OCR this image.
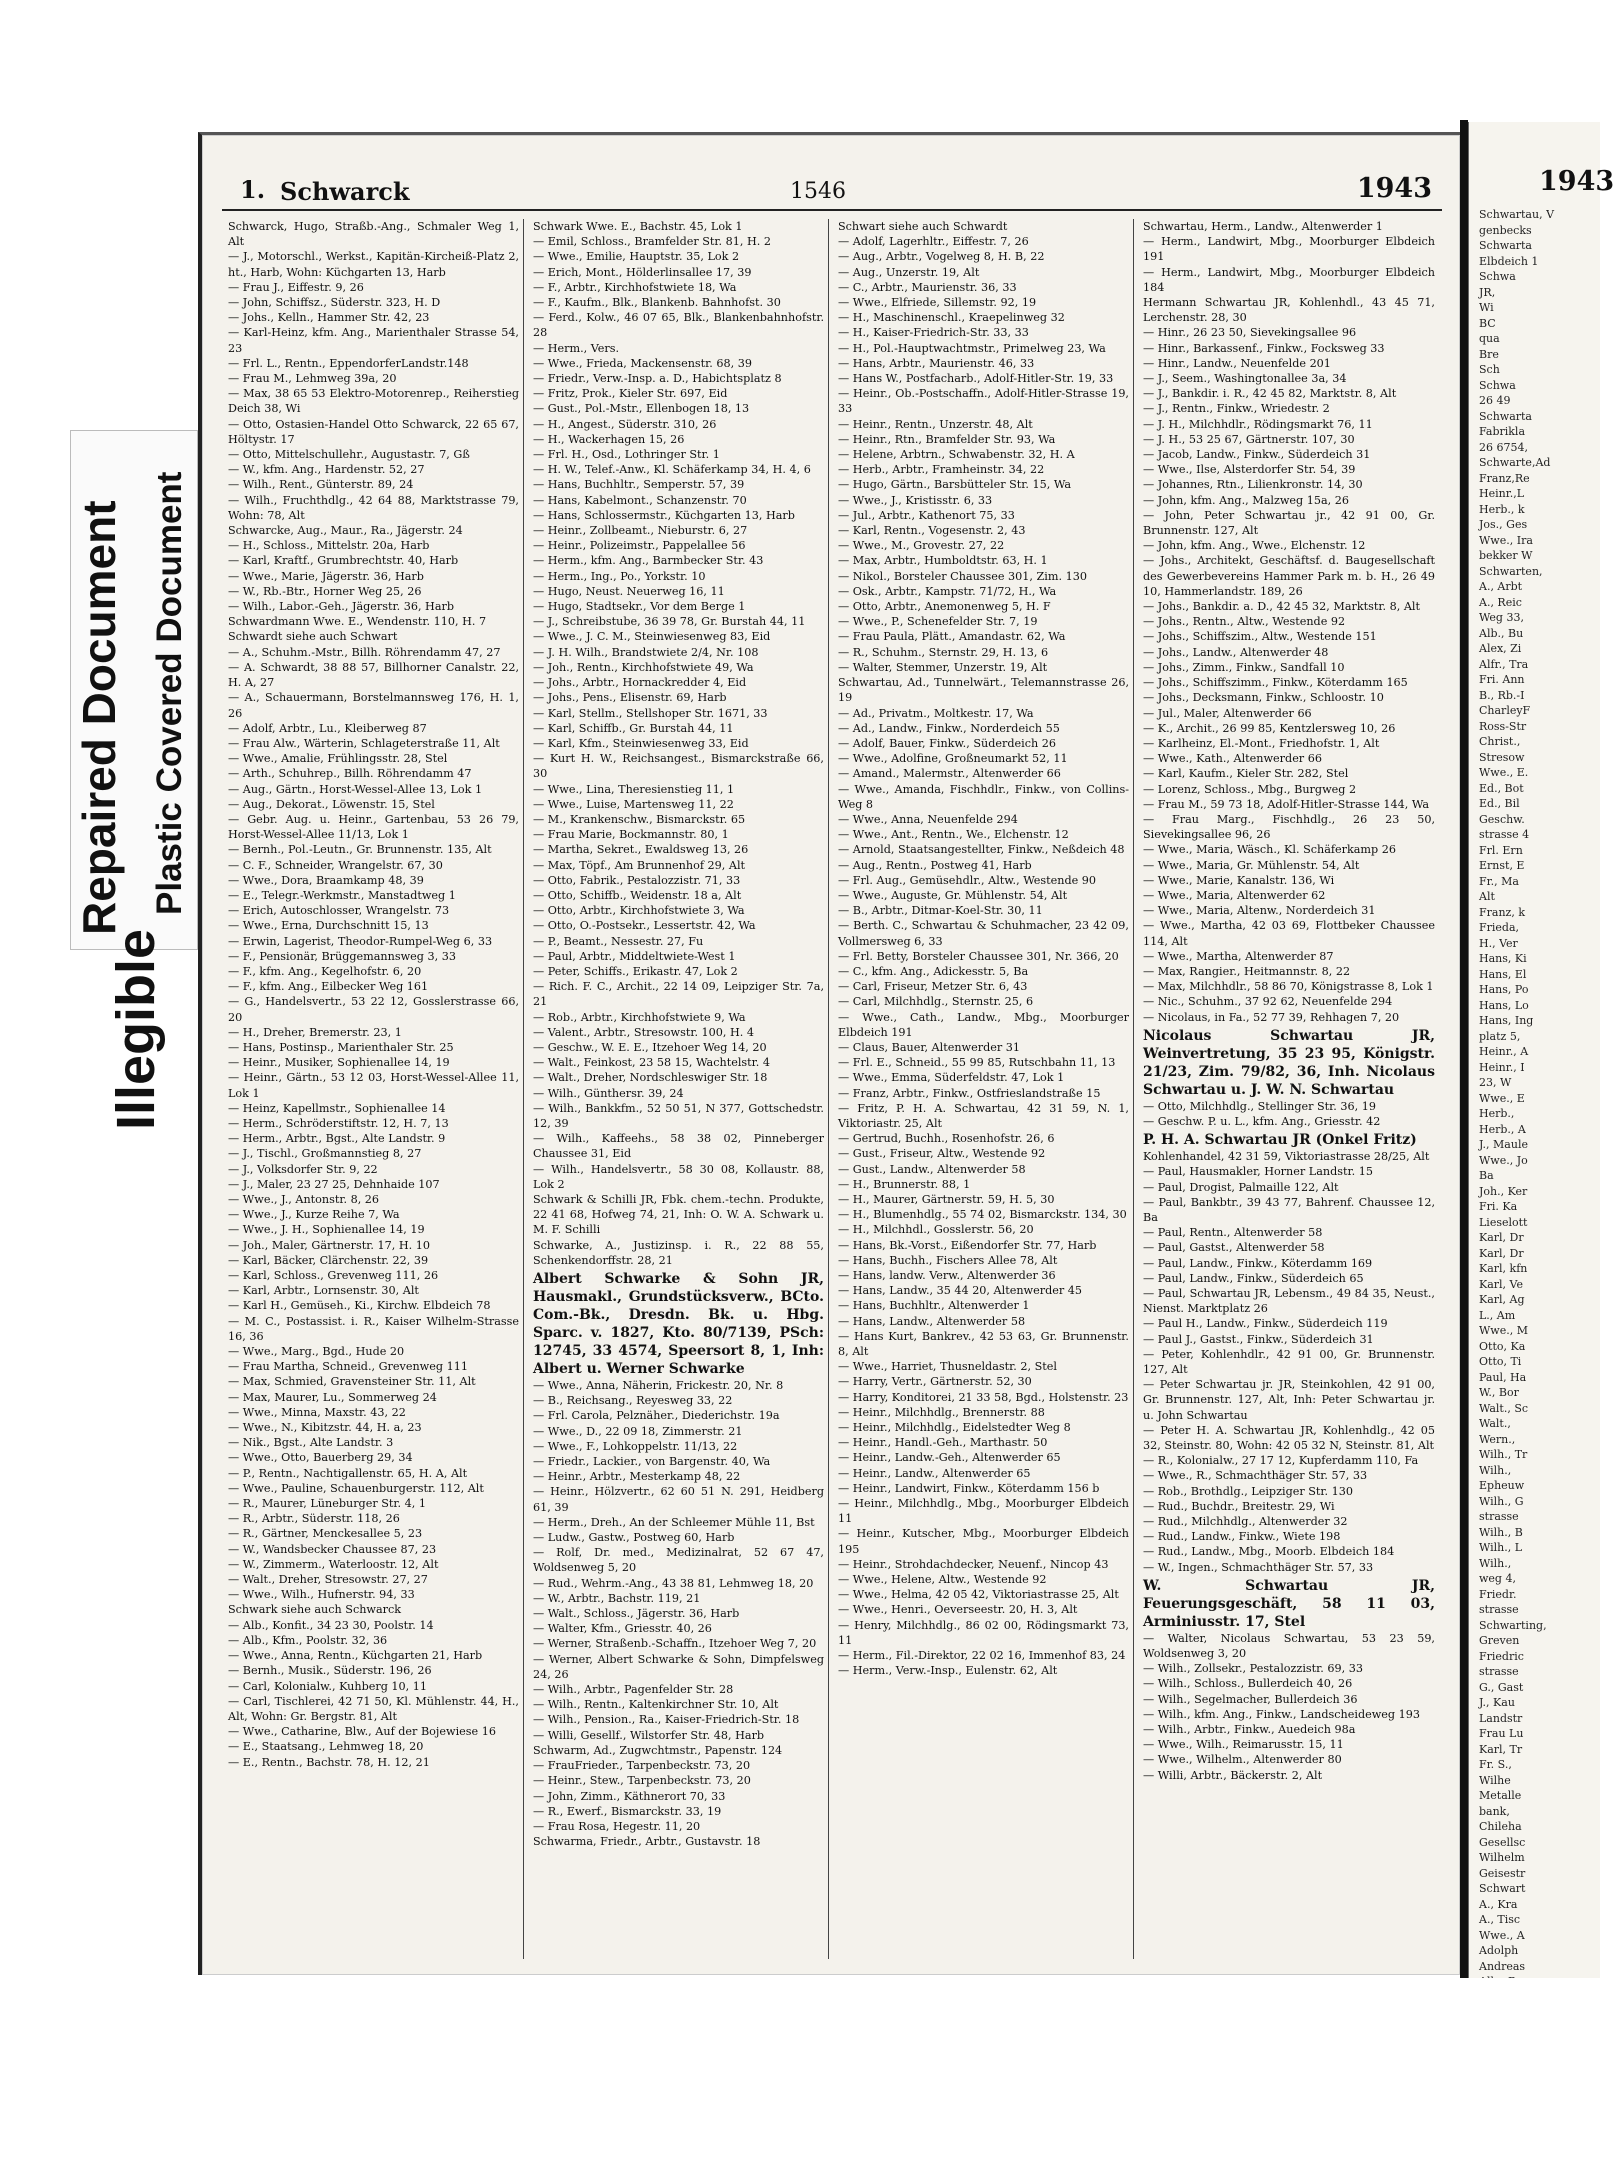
Repaired Document Plastic Covered Document
Illegible
1. Schwarck	1546	1943
Schwarck, Hugo, Straßb.-Ang., Schmaler Weg 1, Alt
— J., Motorschl., Werkst., Kapitän-Kircheiß-Platz 2, ht., Harb, Wohn: Küchgarten 13, Harb
— Frau J., Eiffestr. 9, 26
— John, Schiffsz., Süderstr. 323, H. D
— Johs., Kelln., Hammer Str. 42, 23
— Karl-Heinz, kfm. Ang., Marienthaler Strasse 54, 23
— Frl. L., Rentn., EppendorferLandstr.148
— Frau M., Lehmweg 39a, 20
— Max, 38 65 53 Elektro-Motorenrep., Reiherstieg Deich 38, Wi
— Otto, Ostasien-Handel Otto Schwarck, 22 65 67, Höltystr. 17
— Otto, Mittelschullehr., Augustastr. 7, Gß
— W., kfm. Ang., Hardenstr. 52, 27
— Wilh., Rent., Günterstr. 89, 24
— Wilh., Fruchthdlg., 42 64 88, Marktstrasse 79, Wohn: 78, Alt
Schwarcke, Aug., Maur., Ra., Jägerstr. 24
— H., Schloss., Mittelstr. 20a, Harb
— Karl, Kraftf., Grumbrechtstr. 40, Harb
— Wwe., Marie, Jägerstr. 36, Harb
— W., Rb.-Btr., Horner Weg 25, 26
— Wilh., Labor.-Geh., Jägerstr. 36, Harb
Schwardmann Wwe. E., Wendenstr. 110, H. 7
Schwardt siehe auch Schwart
— A., Schuhm.-Mstr., Billh. Röhrendamm 47, 27
— A. Schwardt, 38 88 57, Billhorner Canalstr. 22, H. A, 27
— A., Schauermann, Borstelmannsweg 176, H. 1, 26
— Adolf, Arbtr., Lu., Kleiberweg 87
— Frau Alw., Wärterin, Schlageterstraße 11, Alt
— Wwe., Amalie, Frühlingsstr. 28, Stel
— Arth., Schuhrep., Billh. Röhrendamm 47
— Aug., Gärtn., Horst-Wessel-Allee 13, Lok 1
— Aug., Dekorat., Löwenstr. 15, Stel
— Gebr. Aug. u. Heinr., Gartenbau, 53 26 79, Horst-Wessel-Allee 11/13, Lok 1
— Bernh., Pol.-Leutn., Gr. Brunnenstr. 135, Alt
— C. F., Schneider, Wrangelstr. 67, 30
— Wwe., Dora, Braamkamp 48, 39
— E., Telegr.-Werkmstr., Manstadtweg 1
— Erich, Autoschlosser, Wrangelstr. 73
— Wwe., Erna, Durchschnitt 15, 13
— Erwin, Lagerist, Theodor-Rumpel-Weg 6, 33
— F., Pensionär, Brüggemannsweg 3, 33
— F., kfm. Ang., Kegelhofstr. 6, 20
— F., kfm. Ang., Eilbecker Weg 161
— G., Handelsvertr., 53 22 12, Gosslerstrasse 66, 20
— H., Dreher, Bremerstr. 23, 1
— Hans, Postinsp., Marienthaler Str. 25
— Heinr., Musiker, Sophienallee 14, 19
— Heinr., Gärtn., 53 12 03, Horst-Wessel-Allee 11, Lok 1
— Heinz, Kapellmstr., Sophienallee 14
— Herm., Schröderstiftstr. 12, H. 7, 13
— Herm., Arbtr., Bgst., Alte Landstr. 9
— J., Tischl., Großmannstieg 8, 27
— J., Volksdorfer Str. 9, 22
— J., Maler, 23 27 25, Dehnhaide 107
— Wwe., J., Antonstr. 8, 26
— Wwe., J., Kurze Reihe 7, Wa
— Wwe., J. H., Sophienallee 14, 19
— Joh., Maler, Gärtnerstr. 17, H. 10
— Karl, Bäcker, Clärchenstr. 22, 39
— Karl, Schloss., Grevenweg 111, 26
— Karl, Arbtr., Lornsenstr. 30, Alt
— Karl H., Gemüseh., Ki., Kirchw. Elbdeich 78
— M. C., Postassist. i. R., Kaiser Wilhelm-Strasse 16, 36
— Wwe., Marg., Bgd., Hude 20
— Frau Martha, Schneid., Grevenweg 111
— Max, Schmied, Gravensteiner Str. 11, Alt
— Max, Maurer, Lu., Sommerweg 24
— Wwe., Minna, Maxstr. 43, 22
— Wwe., N., Kibitzstr. 44, H. a, 23
— Nik., Bgst., Alte Landstr. 3
— Wwe., Otto, Bauerberg 29, 34
— P., Rentn., Nachtigallenstr. 65, H. A, Alt
— Wwe., Pauline, Schauenburgerstr. 112, Alt
— R., Maurer, Lüneburger Str. 4, 1
— R., Arbtr., Süderstr. 118, 26
— R., Gärtner, Menckesallee 5, 23
— W., Wandsbecker Chaussee 87, 23
— W., Zimmerm., Waterloostr. 12, Alt
— Walt., Dreher, Stresowstr. 27, 27
— Wwe., Wilh., Hufnerstr. 94, 33
Schwark siehe auch Schwarck
— Alb., Konfit., 34 23 30, Poolstr. 14
— Alb., Kfm., Poolstr. 32, 36
— Wwe., Anna, Rentn., Küchgarten 21, Harb
— Bernh., Musik., Süderstr. 196, 26
— Carl, Kolonialw., Kuhberg 10, 11
— Carl, Tischlerei, 42 71 50, Kl. Mühlenstr. 44, H., Alt, Wohn: Gr. Bergstr. 81, Alt
— Wwe., Catharine, Blw., Auf der Bojewiese 16
— E., Staatsang., Lehmweg 18, 20
— E., Rentn., Bachstr. 78, H. 12, 21
Schwark Wwe. E., Bachstr. 45, Lok 1
— Emil, Schloss., Bramfelder Str. 81, H. 2
— Wwe., Emilie, Hauptstr. 35, Lok 2
— Erich, Mont., Hölderlinsallee 17, 39
— F., Arbtr., Kirchhofstwiete 18, Wa
— F., Kaufm., Blk., Blankenb. Bahnhofst. 30
— Ferd., Kolw., 46 07 65, Blk., Blankenbahnhofstr. 28
— Herm., Vers.
— Wwe., Frieda, Mackensenstr. 68, 39
— Friedr., Verw.-Insp. a. D., Habichtsplatz 8
— Fritz, Prok., Kieler Str. 697, Eid
— Gust., Pol.-Mstr., Ellenbogen 18, 13
— H., Angest., Süderstr. 310, 26
— H., Wackerhagen 15, 26
— Frl. H., Osd., Lothringer Str. 1
— H. W., Telef.-Anw., Kl. Schäferkamp 34, H. 4, 6
— Hans, Buchhltr., Semperstr. 57, 39
— Hans, Kabelmont., Schanzenstr. 70
— Hans, Schlossermstr., Küchgarten 13, Harb
— Heinr., Zollbeamt., Nieburstr. 6, 27
— Heinr., Polizeimstr., Pappelallee 56
— Herm., kfm. Ang., Barmbecker Str. 43
— Herm., Ing., Po., Yorkstr. 10
— Hugo, Neust. Neuerweg 16, 11
— Hugo, Stadtsekr., Vor dem Berge 1
— J., Schreibstube, 36 39 78, Gr. Burstah 44, 11
— Wwe., J. C. M., Steinwiesenweg 83, Eid
— J. H. Wilh., Brandstwiete 2/4, Nr. 108
— Joh., Rentn., Kirchhofstwiete 49, Wa
— Johs., Arbtr., Hornackredder 4, Eid
— Johs., Pens., Elisenstr. 69, Harb
— Karl, Stellm., Stellshoper Str. 1671, 33
— Karl, Schiffb., Gr. Burstah 44, 11
— Karl, Kfm., Steinwiesenweg 33, Eid
— Kurt H. W., Reichsangest., Bismarckstraße 66, 30
— Wwe., Lina, Theresienstieg 11, 1
— Wwe., Luise, Martensweg 11, 22
— M., Krankenschw., Bismarckstr. 65
— Frau Marie, Bockmannstr. 80, 1
— Martha, Sekret., Ewaldsweg 13, 26
— Max, Töpf., Am Brunnenhof 29, Alt
— Otto, Fabrik., Pestalozzistr. 71, 33
— Otto, Schiffb., Weidenstr. 18 a, Alt
— Otto, Arbtr., Kirchhofstwiete 3, Wa
— Otto, O.-Postsekr., Lessertstr. 42, Wa
— P., Beamt., Nessestr. 27, Fu
— Paul, Arbtr., Middeltwiete-West 1
— Peter, Schiffs., Erikastr. 47, Lok 2
— Rich. F. C., Archit., 22 14 09, Leipziger Str. 7a, 21
— Rob., Arbtr., Kirchhofstwiete 9, Wa
— Valent., Arbtr., Stresowstr. 100, H. 4
— Geschw., W. E. E., Itzehoer Weg 14, 20
— Walt., Feinkost, 23 58 15, Wachtelstr. 4
— Walt., Dreher, Nordschleswiger Str. 18
— Wilh., Günthersr. 39, 24
— Wilh., Bankkfm., 52 50 51, N 377, Gottschedstr. 12, 39
— Wilh., Kaffeehs., 58 38 02, Pinneberger Chaussee 31, Eid
— Wilh., Handelsvertr., 58 30 08, Kollaustr. 88, Lok 2
Schwark & Schilli JR, Fbk. chem.-techn. Produkte, 22 41 68, Hofweg 74, 21, Inh: O. W. A. Schwark u. M. F. Schilli
Schwarke, A., Justizinsp. i. R., 22 88 55, Schenkendorffstr. 28, 21
Albert Schwarke & Sohn JR, Hausmakl., Grundstücksverw., BCto. Com.-Bk., Dresdn. Bk. u. Hbg. Sparc. v. 1827, Kto. 80/7139, PSch: 12745, 33 4574, Speersort 8, 1, Inh: Albert u. Werner Schwarke
— Wwe., Anna, Näherin, Frickestr. 20, Nr. 8
— B., Reichsang., Reyesweg 33, 22
— Frl. Carola, Pelznäher., Diederichstr. 19a
— Wwe., D., 22 09 18, Zimmerstr. 21
— Wwe., F., Lohkoppelstr. 11/13, 22
— Friedr., Lackier., von Bargenstr. 40, Wa
— Heinr., Arbtr., Mesterkamp 48, 22
— Heinr., Hölzvertr., 62 60 51 N. 291, Heidberg 61, 39
— Herm., Dreh., An der Schleemer Mühle 11, Bst
— Ludw., Gastw., Postweg 60, Harb
— Rolf, Dr. med., Medizinalrat, 52 67 47, Woldsenweg 5, 20
— Rud., Wehrm.-Ang., 43 38 81, Lehmweg 18, 20
— W., Arbtr., Bachstr. 119, 21
— Walt., Schloss., Jägerstr. 36, Harb
— Walter, Kfm., Griesstr. 40, 26
— Werner, Straßenb.-Schaffn., Itzehoer Weg 7, 20
— Werner, Albert Schwarke & Sohn, Dimpfelsweg 24, 26
— Wilh., Arbtr., Pagenfelder Str. 28
— Wilh., Rentn., Kaltenkirchner Str. 10, Alt
— Wilh., Pension., Ra., Kaiser-Friedrich-Str. 18
— Willi, Gesellf., Wilstorfer Str. 48, Harb
Schwarm, Ad., Zugwchtmstr., Papenstr. 124
— FrauFrieder., Tarpenbeckstr. 73, 20
— Heinr., Stew., Tarpenbeckstr. 73, 20
— John, Zimm., Käthnerort 70, 33
— R., Ewerf., Bismarckstr. 33, 19
— Frau Rosa, Hegestr. 11, 20
Schwarma, Friedr., Arbtr., Gustavstr. 18
Schwart siehe auch Schwardt
— Adolf, Lagerhltr., Eiffestr. 7, 26
— Aug., Arbtr., Vogelweg 8, H. B, 22
— Aug., Unzerstr. 19, Alt
— C., Arbtr., Maurienstr. 36, 33
— Wwe., Elfriede, Sillemstr. 92, 19
— H., Maschinenschl., Kraepelinweg 32
— H., Kaiser-Friedrich-Str. 33, 33
— H., Pol.-Hauptwachtmstr., Primelweg 23, Wa
— Hans, Arbtr., Maurienstr. 46, 33
— Hans W., Postfacharb., Adolf-Hitler-Str. 19, 33
— Heinr., Ob.-Postschaffn., Adolf-Hitler-Strasse 19, 33
— Heinr., Rentn., Unzerstr. 48, Alt
— Heinr., Rtn., Bramfelder Str. 93, Wa
— Helene, Arbtrn., Schwabenstr. 32, H. A
— Herb., Arbtr., Framheinstr. 34, 22
— Hugo, Gärtn., Barsbütteler Str. 15, Wa
— Wwe., J., Kristisstr. 6, 33
— Jul., Arbtr., Kathenort 75, 33
— Karl, Rentn., Vogesenstr. 2, 43
— Wwe., M., Grovestr. 27, 22
— Max, Arbtr., Humboldtstr. 63, H. 1
— Nikol., Borsteler Chaussee 301, Zim. 130
— Osk., Arbtr., Kampstr. 71/72, H., Wa
— Otto, Arbtr., Anemonenweg 5, H. F
— Wwe., P., Schenefelder Str. 7, 19
— Frau Paula, Plätt., Amandastr. 62, Wa
— R., Schuhm., Sternstr. 29, H. 13, 6
— Walter, Stemmer, Unzerstr. 19, Alt
Schwartau, Ad., Tunnelwärt., Telemannstrasse 26, 19
— Ad., Privatm., Moltkestr. 17, Wa
— Ad., Landw., Finkw., Norderdeich 55
— Adolf, Bauer, Finkw., Süderdeich 26
— Wwe., Adolfine, Großneumarkt 52, 11
— Amand., Malermstr., Altenwerder 66
— Wwe., Amanda, Fischhdlr., Finkw., von Collins-Weg 8
— Wwe., Anna, Neuenfelde 294
— Wwe., Ant., Rentn., We., Elchenstr. 12
— Arnold, Staatsangestellter, Finkw., Neßdeich 48
— Aug., Rentn., Postweg 41, Harb
— Frl. Aug., Gemüsehdlr., Altw., Westende 90
— Wwe., Auguste, Gr. Mühlenstr. 54, Alt
— B., Arbtr., Ditmar-Koel-Str. 30, 11
— Berth. C., Schwartau & Schuhmacher, 23 42 09, Vollmersweg 6, 33
— Frl. Betty, Borsteler Chaussee 301, Nr. 366, 20
— C., kfm. Ang., Adickesstr. 5, Ba
— Carl, Friseur, Metzer Str. 6, 43
— Carl, Milchhdlg., Sternstr. 25, 6
— Wwe., Cath., Landw., Mbg., Moorburger Elbdeich 191
— Claus, Bauer, Altenwerder 31
— Frl. E., Schneid., 55 99 85, Rutschbahn 11, 13
— Wwe., Emma, Süderfeldstr. 47, Lok 1
— Franz, Arbtr., Finkw., Ostfrieslandstraße 15
— Fritz, P. H. A. Schwartau, 42 31 59, N. 1, Viktoriastr. 25, Alt
— Gertrud, Buchh., Rosenhofstr. 26, 6
— Gust., Friseur, Altw., Westende 92
— Gust., Landw., Altenwerder 58
— H., Brunnerstr. 88, 1
— H., Maurer, Gärtnerstr. 59, H. 5, 30
— H., Blumenhdlg., 55 74 02, Bismarckstr. 134, 30
— H., Milchhdl., Gosslerstr. 56, 20
— Hans, Bk.-Vorst., Eißendorfer Str. 77, Harb
— Hans, Buchh., Fischers Allee 78, Alt
— Hans, landw. Verw., Altenwerder 36
— Hans, Landw., 35 44 20, Altenwerder 45
— Hans, Buchhltr., Altenwerder 1
— Hans, Landw., Altenwerder 58
— Hans Kurt, Bankrev., 42 53 63, Gr. Brunnenstr. 8, Alt
— Wwe., Harriet, Thusneldastr. 2, Stel
— Harry, Vertr., Gärtnerstr. 52, 30
— Harry, Konditorei, 21 33 58, Bgd., Holstenstr. 23
— Heinr., Milchhdlg., Brennerstr. 88
— Heinr., Milchhdlg., Eidelstedter Weg 8
— Heinr., Handl.-Geh., Marthastr. 50
— Heinr., Landw.-Geh., Altenwerder 65
— Heinr., Landw., Altenwerder 65
— Heinr., Landwirt, Finkw., Köterdamm 156 b
— Heinr., Milchhdlg., Mbg., Moorburger Elbdeich 11
— Heinr., Kutscher, Mbg., Moorburger Elbdeich 195
— Heinr., Strohdachdecker, Neuenf., Nincop 43
— Wwe., Helene, Altw., Westende 92
— Wwe., Helma, 42 05 42, Viktoriastrasse 25, Alt
— Wwe., Henri., Oeverseestr. 20, H. 3, Alt
— Henry, Milchhdlg., 86 02 00, Rödingsmarkt 73, 11
— Herm., Fil.-Direktor, 22 02 16, Immenhof 83, 24
— Herm., Verw.-Insp., Eulenstr. 62, Alt
Schwartau, Herm., Landw., Altenwerder 1
— Herm., Landwirt, Mbg., Moorburger Elbdeich 191
— Herm., Landwirt, Mbg., Moorburger Elbdeich 184
Hermann Schwartau JR, Kohlenhdl., 43 45 71, Lerchenstr. 28, 30
— Hinr., 26 23 50, Sievekingsallee 96
— Hinr., Barkassenf., Finkw., Focksweg 33
— Hinr., Landw., Neuenfelde 201
— J., Seem., Washingtonallee 3a, 34
— J., Bankdir. i. R., 42 45 82, Marktstr. 8, Alt
— J., Rentn., Finkw., Wriedestr. 2
— J. H., Milchhdlr., Rödingsmarkt 76, 11
— J. H., 53 25 67, Gärtnerstr. 107, 30
— Jacob, Landw., Finkw., Süderdeich 31
— Wwe., Ilse, Alsterdorfer Str. 54, 39
— Johannes, Rtn., Lilienkronstr. 14, 30
— John, kfm. Ang., Malzweg 15a, 26
— John, Peter Schwartau jr., 42 91 00, Gr. Brunnenstr. 127, Alt
— John, kfm. Ang., Wwe., Elchenstr. 12
— Johs., Architekt, Geschäftsf. d. Baugesellschaft des Gewerbevereins Hammer Park m. b. H., 26 49 10, Hammerlandstr. 189, 26
— Johs., Bankdir. a. D., 42 45 32, Marktstr. 8, Alt
— Johs., Rentn., Altw., Westende 92
— Johs., Schiffszim., Altw., Westende 151
— Johs., Landw., Altenwerder 48
— Johs., Zimm., Finkw., Sandfall 10
— Johs., Schiffszimm., Finkw., Köterdamm 165
— Johs., Decksmann, Finkw., Schloostr. 10
— Jul., Maler, Altenwerder 66
— K., Archit., 26 99 85, Kentzlersweg 10, 26
— Karlheinz, El.-Mont., Friedhofstr. 1, Alt
— Wwe., Kath., Altenwerder 66
— Karl, Kaufm., Kieler Str. 282, Stel
— Lorenz, Schloss., Mbg., Burgweg 2
— Frau M., 59 73 18, Adolf-Hitler-Strasse 144, Wa
— Frau Marg., Fischhdlg., 26 23 50, Sievekingsallee 96, 26
— Wwe., Maria, Wäsch., Kl. Schäferkamp 26
— Wwe., Maria, Gr. Mühlenstr. 54, Alt
— Wwe., Marie, Kanalstr. 136, Wi
— Wwe., Maria, Altenwerder 62
— Wwe., Maria, Altenw., Norderdeich 31
— Wwe., Martha, 42 03 69, Flottbeker Chaussee 114, Alt
— Wwe., Martha, Altenwerder 87
— Max, Rangier., Heitmannstr. 8, 22
— Max, Milchhdlr., 58 86 70, Königstrasse 8, Lok 1
— Nic., Schuhm., 37 92 62, Neuenfelde 294
— Nicolaus, in Fa., 52 77 39, Rehhagen 7, 20
Nicolaus Schwartau JR, Weinvertretung, 35 23 95, Königstr. 21/23, Zim. 79/82, 36, Inh. Nicolaus Schwartau u. J. W. N. Schwartau
— Otto, Milchhdlg., Stellinger Str. 36, 19
— Geschw. P. u. L., kfm. Ang., Griesstr. 42
P. H. A. Schwartau JR (Onkel Fritz)
Kohlenhandel, 42 31 59, Viktoriastrasse 28/25, Alt
— Paul, Hausmakler, Horner Landstr. 15
— Paul, Drogist, Palmaille 122, Alt
— Paul, Bankbtr., 39 43 77, Bahrenf. Chaussee 12, Ba
— Paul, Rentn., Altenwerder 58
— Paul, Gastst., Altenwerder 58
— Paul, Landw., Finkw., Köterdamm 169
— Paul, Landw., Finkw., Süderdeich 65
— Paul, Schwartau JR, Lebensm., 49 84 35, Neust., Nienst. Marktplatz 26
— Paul H., Landw., Finkw., Süderdeich 119
— Paul J., Gastst., Finkw., Süderdeich 31
— Peter, Kohlenhdlr., 42 91 00, Gr. Brunnenstr. 127, Alt
— Peter Schwartau jr. JR, Steinkohlen, 42 91 00, Gr. Brunnenstr. 127, Alt, Inh: Peter Schwartau jr. u. John Schwartau
— Peter H. A. Schwartau JR, Kohlenhdlg., 42 05 32, Steinstr. 80, Wohn: 42 05 32 N, Steinstr. 81, Alt
— R., Kolonialw., 27 17 12, Kupferdamm 110, Fa
— Wwe., R., Schmachthäger Str. 57, 33
— Rob., Brothdlg., Leipziger Str. 130
— Rud., Buchdr., Breitestr. 29, Wi
— Rud., Milchhdlg., Altenwerder 32
— Rud., Landw., Finkw., Wiete 198
— Rud., Landw., Mbg., Moorb. Elbdeich 184
— W., Ingen., Schmachthäger Str. 57, 33
W. Schwartau JR, Feuerungsgeschäft, 58 11 03, Arminiusstr. 17, Stel
— Walter, Nicolaus Schwartau, 53 23 59, Woldsenweg 3, 20
— Wilh., Zollsekr., Pestalozzistr. 69, 33
— Wilh., Schloss., Bullerdeich 40, 26
— Wilh., Segelmacher, Bullerdeich 36
— Wilh., kfm. Ang., Finkw., Landscheideweg 193
— Wilh., Arbtr., Finkw., Auedeich 98a
— Wwe., Wilh., Reimarusstr. 15, 11
— Wwe., Wilhelm., Altenwerder 80
— Willi, Arbtr., Bäckerstr. 2, Alt
1943
Schwartau, V
genbecks
Schwarta
Elbdeich 1
Schwa
JR,
Wi
BC
qua
Bre
Sch
Schwa
26 49
Schwarta
Fabrikla
26 6754,
Schwarte,Ad
Franz,Re
Heinr.,L
Herb., k
Jos., Ges
Wwe., Ira
bekker W
Schwarten,
A., Arbt
A., Reic
Weg 33,
Alb., Bu
Alex, Zi
Alfr., Tra
Fri. Ann
B., Rb.-I
CharleyF
Ross-Str
Christ.,
Stresow
Wwe., E.
Ed., Bot
Ed., Bil
Geschw.
strasse 4
Frl. Ern
Ernst, E
Fr., Ma
Alt
Franz, k
Frieda,
H., Ver
Hans, Ki
Hans, El
Hans, Po
Hans, Lo
Hans, Ing
platz 5,
Heinr., A
Heinr., I
23, W
Wwe., E
Herb.,
Herb., A
J., Maule
Wwe., Jo
Ba
Joh., Ker
Fri. Ka
Lieselott
Karl, Dr
Karl, Dr
Karl, kfn
Karl, Ve
Karl, Ag
L., Am
Wwe., M
Otto, Ka
Otto, Ti
Paul, Ha
W., Bor
Walt., Sc
Walt.,
Wern.,
Wilh., Tr
Wilh.,
Epheuw
Wilh., G
strasse
Wilh., B
Wilh., L
Wilh.,
weg 4,
Friedr.
strasse
Schwarting,
Greven
Friedric
strasse
G., Gast
J., Kau
Landstr
Frau Lu
Karl, Tr
Fr. S.,
Wilhe
Metalle
bank,
Chileha
Gesellsc
Wilhelm
Geisestr
Schwart
A., Kra
A., Tisc
Wwe., A
Adolph
Andreas
